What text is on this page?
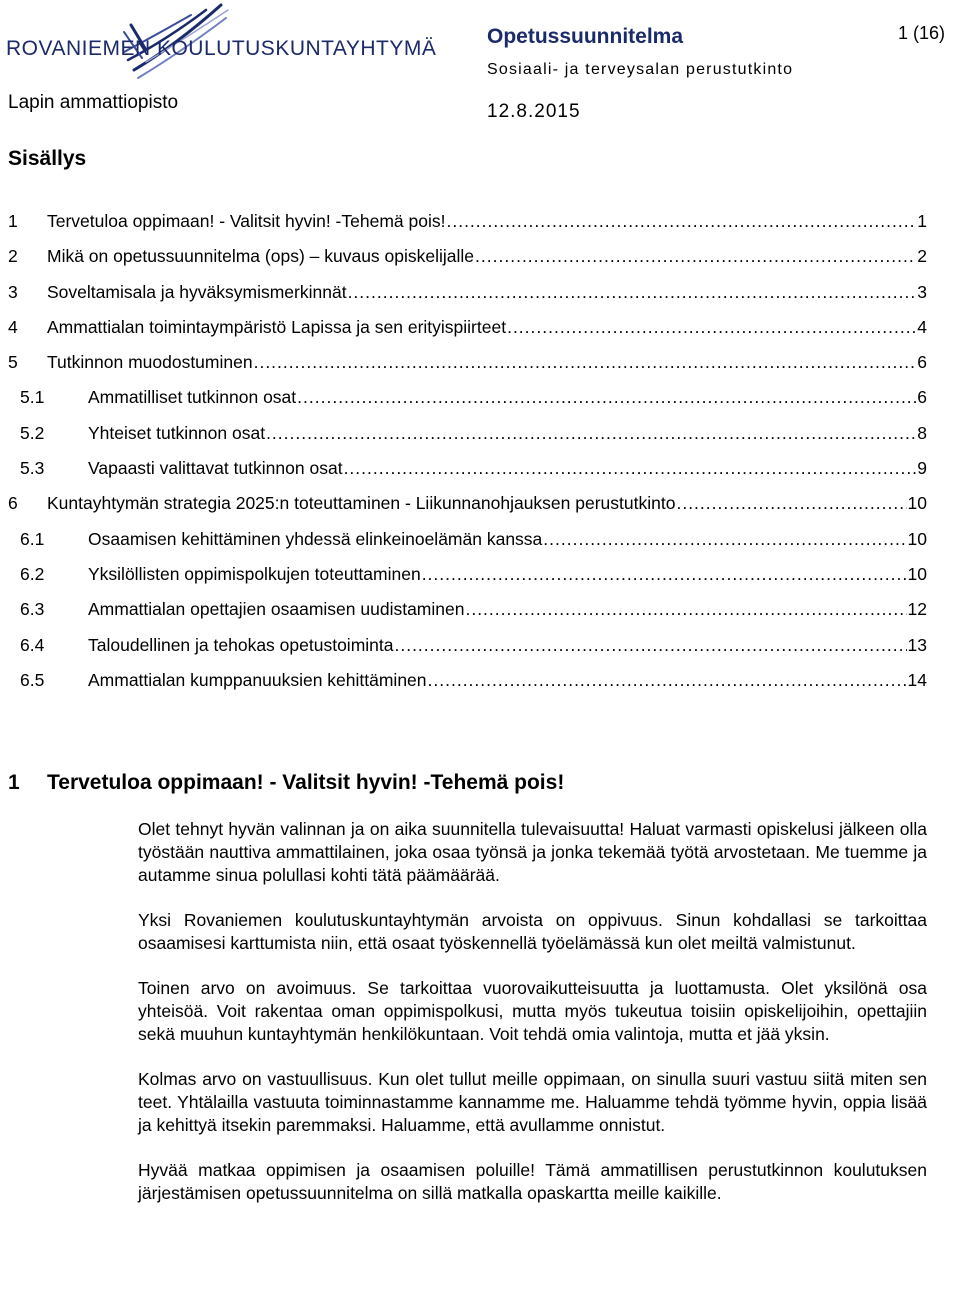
ROVANIEMEN KOULUTUSKUNTAYHTYMÄ
Lapin ammattiopisto
Opetussuunnitelma
Sosiaali- ja terveysalan perustutkinto
12.8.2015
1 (16)
Sisällys
1	Tervetuloa oppimaan! - Valitsit hyvin! -Tehemä pois! .....	1
2	Mikä on opetussuunnitelma (ops) – kuvaus opiskelijalle .....	2
3	Soveltamisala ja hyväksymismerkinnät .....	3
4	Ammattialan toimintaympäristö Lapissa ja sen erityispiirteet .....	4
5	Tutkinnon muodostuminen .....	6
5.1	Ammatilliset tutkinnon osat .....	6
5.2	Yhteiset tutkinnon osat .....	8
5.3	Vapaasti valittavat tutkinnon osat .....	9
6	Kuntayhtymän strategia 2025:n toteuttaminen - Liikunnanohjauksen perustutkinto .....	10
6.1	Osaamisen kehittäminen yhdessä elinkeinoelämän kanssa .....	10
6.2	Yksilöllisten oppimispolkujen toteuttaminen .....	10
6.3	Ammattialan opettajien osaamisen uudistaminen .....	12
6.4	Taloudellinen ja tehokas opetustoiminta .....	13
6.5	Ammattialan kumppanuuksien kehittäminen .....	14
1 Tervetuloa oppimaan! - Valitsit hyvin! -Tehemä pois!

Olet tehnyt hyvän valinnan ja on aika suunnitella tulevaisuutta! Haluat varmasti opiskelusi jälkeen olla työstään nauttiva ammattilainen, joka osaa työnsä ja jonka tekemää työtä arvostetaan. Me tuemme ja autamme sinua polullasi kohti tätä päämäärää.

Yksi Rovaniemen koulutuskuntayhtymän arvoista on oppivuus. Sinun kohdallasi se tarkoittaa osaamisesi karttumista niin, että osaat työskennellä työelämässä kun olet meiltä valmistunut.

Toinen arvo on avoimuus. Se tarkoittaa vuorovaikutteisuutta ja luottamusta. Olet yksilönä osa yhteisöä. Voit rakentaa oman oppimispolkusi, mutta myös tukeutua toisiin opiskelijoihin, opettajiin sekä muuhun kuntayhtymän henkilökuntaan. Voit tehdä omia valintoja, mutta et jää yksin.

Kolmas arvo on vastuullisuus. Kun olet tullut meille oppimaan, on sinulla suuri vastuu siitä miten sen teet. Yhtälailla vastuuta toiminnastamme kannamme me. Haluamme tehdä työmme hyvin, oppia lisää ja kehittyä itsekin paremmaksi. Haluamme, että avullamme onnistut.

Hyvää matkaa oppimisen ja osaamisen poluille! Tämä ammatillisen perustutkinnon koulutuksen järjestämisen opetussuunnitelma on sillä matkalla opaskartta meille kaikille.
